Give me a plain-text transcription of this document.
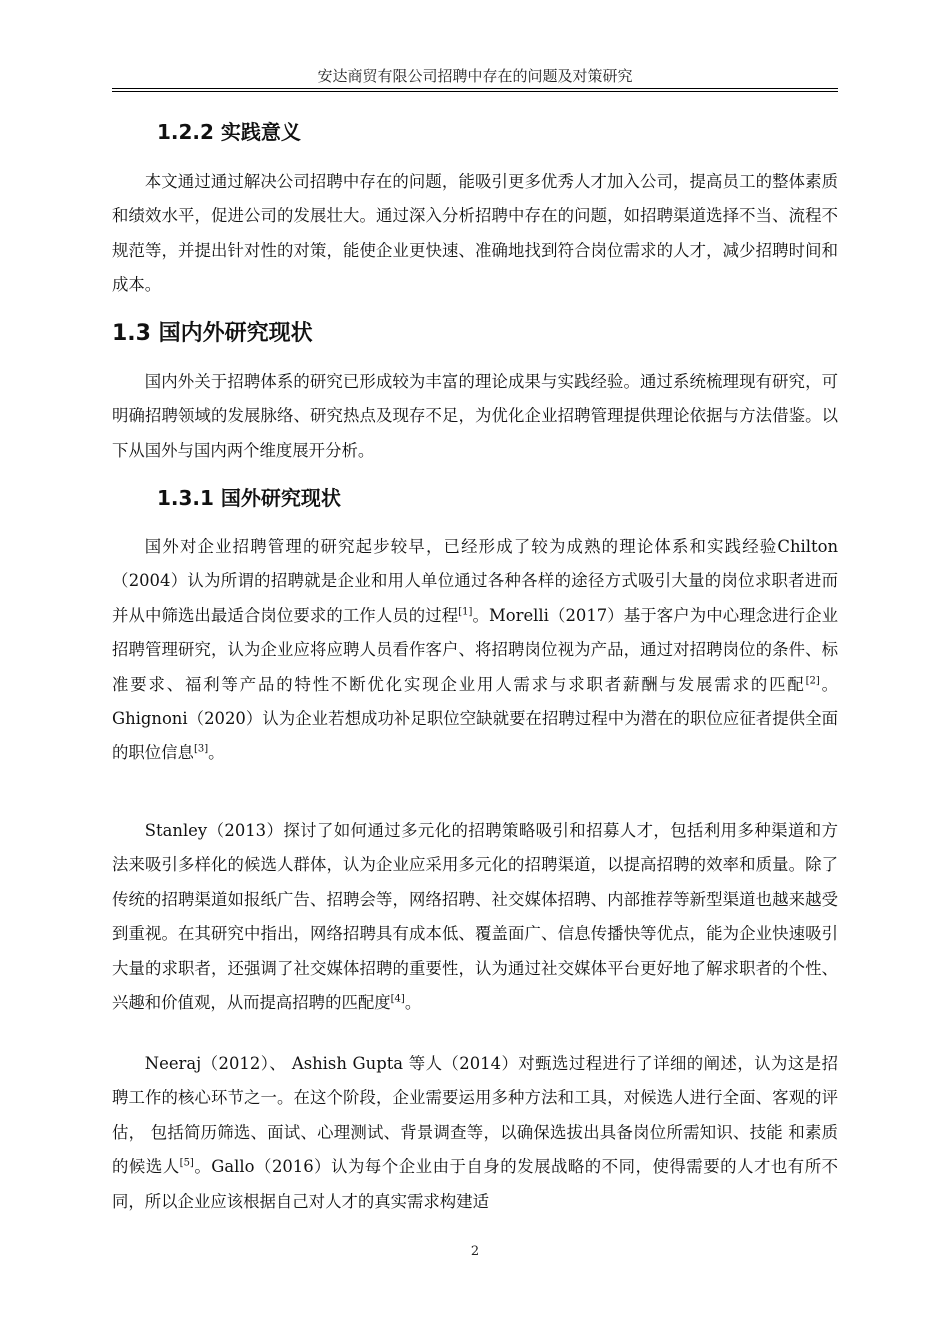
安达商贸有限公司招聘中存在的问题及对策研究
1.2.2 实践意义
本文通过通过解决公司招聘中存在的问题，能吸引更多优秀人才加入公司，提高员工的整体素质和绩效水平，促进公司的发展壮大。通过深入分析招聘中存在的问题，如招聘渠道选择不当、流程不规范等，并提出针对性的对策，能使企业更快速、准确地找到符合岗位需求的人才，减少招聘时间和成本。
1.3 国内外研究现状
国内外关于招聘体系的研究已形成较为丰富的理论成果与实践经验。通过系统梳理现有研究，可明确招聘领域的发展脉络、研究热点及现存不足，为优化企业招聘管理提供理论依据与方法借鉴。以下从国外与国内两个维度展开分析。
1.3.1 国外研究现状
国外对企业招聘管理的研究起步较早，已经形成了较为成熟的理论体系和实践经验Chilton（2004）认为所谓的招聘就是企业和用人单位通过各种各样的途径方式吸引大量的岗位求职者进而并从中筛选出最适合岗位要求的工作人员的过程[1]。Morelli（2017）基于客户为中心理念进行企业招聘管理研究，认为企业应将应聘人员看作客户、将招聘岗位视为产品，通过对招聘岗位的条件、标准要求、福利等产品的特性不断优化实现企业用人需求与求职者薪酬与发展需求的匹配[2]。Ghignoni（2020）认为企业若想成功补足职位空缺就要在招聘过程中为潜在的职位应征者提供全面的职位信息[3]。
Stanley（2013）探讨了如何通过多元化的招聘策略吸引和招募人才，包括利用多种渠道和方法来吸引多样化的候选人群体，认为企业应采用多元化的招聘渠道，以提高招聘的效率和质量。除了传统的招聘渠道如报纸广告、招聘会等，网络招聘、社交媒体招聘、内部推荐等新型渠道也越来越受到重视。在其研究中指出，网络招聘具有成本低、覆盖面广、信息传播快等优点，能为企业快速吸引大量的求职者，还强调了社交媒体招聘的重要性，认为通过社交媒体平台更好地了解求职者的个性、兴趣和价值观，从而提高招聘的匹配度[4]。
Neeraj（2012）、 Ashish Gupta 等人（2014）对甄选过程进行了详细的阐述，认为这是招聘工作的核心环节之一。在这个阶段，企业需要运用多种方法和工具，对候选人进行全面、客观的评估， 包括简历筛选、面试、心理测试、背景调查等，以确保选拔出具备岗位所需知识、技能 和素质的候选人[5]。Gallo（2016）认为每个企业由于自身的发展战略的不同，使得需要的人才也有所不同，所以企业应该根据自己对人才的真实需求构建适
2
